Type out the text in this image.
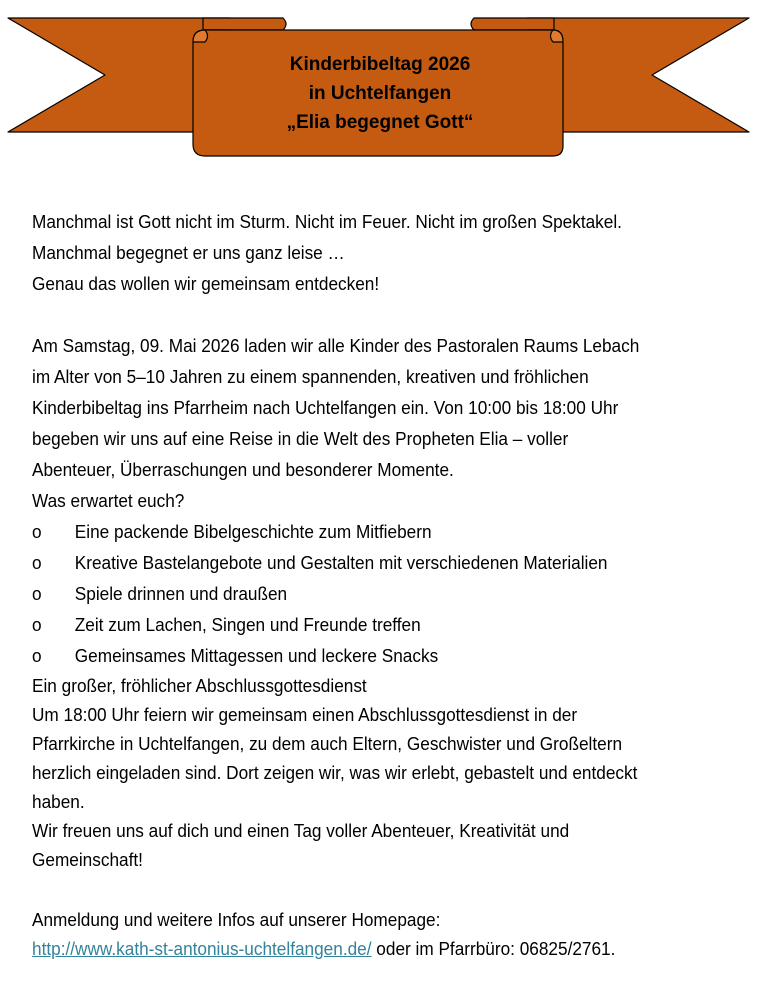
Kinderbibeltag 2026
in Uchtelfangen
„Elia begegnet Gott“
Manchmal ist Gott nicht im Sturm. Nicht im Feuer. Nicht im großen Spektakel.
Manchmal begegnet er uns ganz leise …
Genau das wollen wir gemeinsam entdecken!
Am Samstag, 09. Mai 2026 laden wir alle Kinder des Pastoralen Raums Lebach
im Alter von 5–10 Jahren zu einem spannenden, kreativen und fröhlichen
Kinderbibeltag ins Pfarrheim nach Uchtelfangen ein. Von 10:00 bis 18:00 Uhr
begeben wir uns auf eine Reise in die Welt des Propheten Elia – voller
Abenteuer, Überraschungen und besonderer Momente.
Was erwartet euch?
o	Eine packende Bibelgeschichte zum Mitfiebern
o	Kreative Bastelangebote und Gestalten mit verschiedenen Materialien
o	Spiele drinnen und draußen
o	Zeit zum Lachen, Singen und Freunde treffen
o	Gemeinsames Mittagessen und leckere Snacks
Ein großer, fröhlicher Abschlussgottesdienst
Um 18:00 Uhr feiern wir gemeinsam einen Abschlussgottesdienst in der
Pfarrkirche in Uchtelfangen, zu dem auch Eltern, Geschwister und Großeltern
herzlich eingeladen sind. Dort zeigen wir, was wir erlebt, gebastelt und entdeckt
haben.
Wir freuen uns auf dich und einen Tag voller Abenteuer, Kreativität und
Gemeinschaft!
Anmeldung und weitere Infos auf unserer Homepage:
http://www.kath-st-antonius-uchtelfangen.de/ oder im Pfarrbüro: 06825/2761.
